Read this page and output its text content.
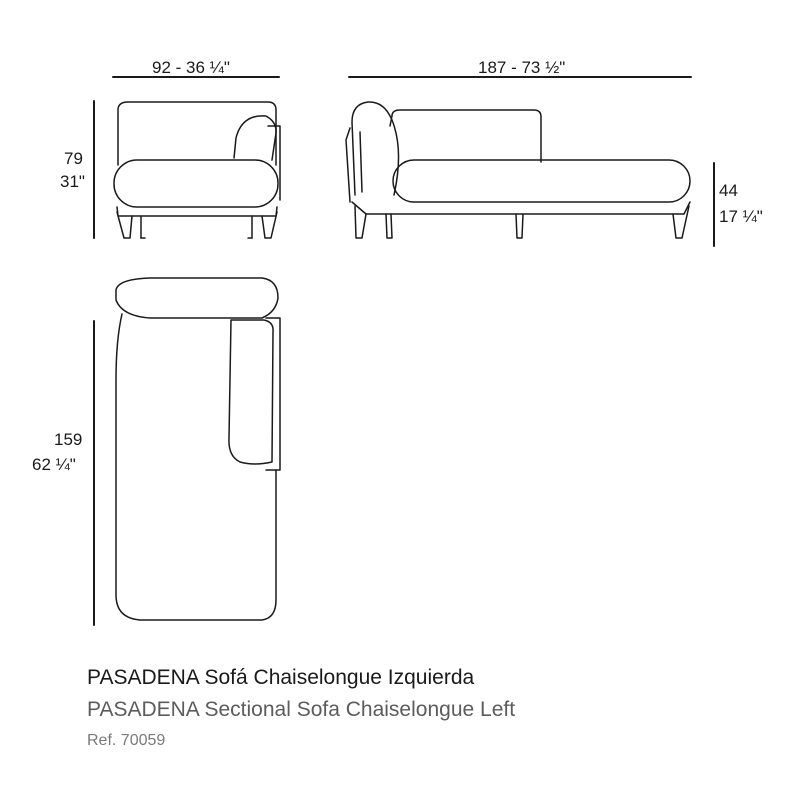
92 - 36 ¼"	187 - 73 ½"
79
31"	44
17 ¼"
159
62 ¼"
PASADENA Sofá Chaiselongue Izquierda
PASADENA Sectional Sofa Chaiselongue Left
Ref. 70059
